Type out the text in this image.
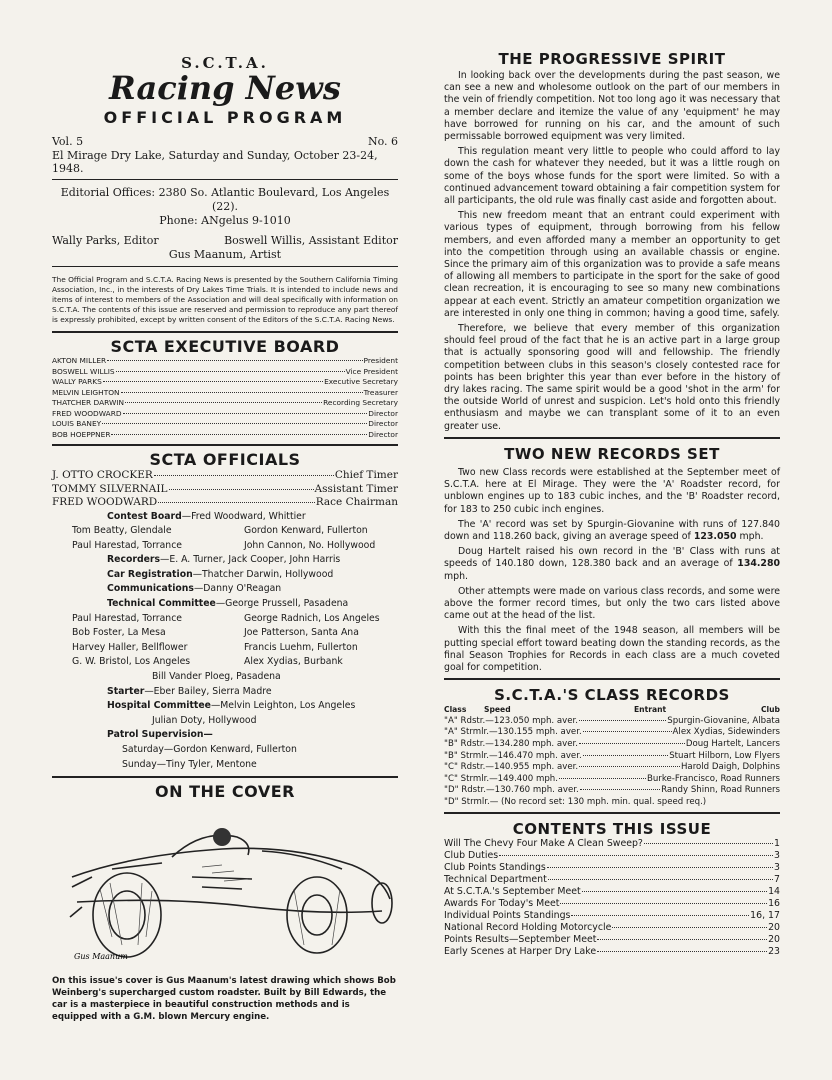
S.C.T.A.
Racing News
OFFICIAL PROGRAM
Vol. 5	No. 6
El Mirage Dry Lake, Saturday and Sunday, October 23-24, 1948.
Editorial Offices: 2380 So. Atlantic Boulevard, Los Angeles (22).
Phone: ANgelus 9-1010
Wally Parks, Editor	Boswell Willis, Assistant Editor
Gus Maanum, Artist
The Official Program and S.C.T.A. Racing News is presented by the Southern California Timing Association, Inc., in the interests of Dry Lakes Time Trials. It is intended to include news and items of interest to members of the Association and will deal specifically with information on S.C.T.A. The contents of this issue are reserved and permission to reproduce any part thereof is expressly prohibited, except by written consent of the Editors of the S.C.T.A. Racing News.
SCTA EXECUTIVE BOARD
AKTON MILLER	President
BOSWELL WILLIS	Vice President
WALLY PARKS	Executive Secretary
MELVIN LEIGHTON	Treasurer
THATCHER DARWIN	Recording Secretary
FRED WOODWARD	Director
LOUIS BANEY	Director
BOB HOEPPNER	Director
SCTA OFFICIALS
J. OTTO CROCKER	Chief Timer
TOMMY SILVERNAIL	Assistant Timer
FRED WOODWARD	Race Chairman
Contest Board—Fred Woodward, Whittier
Tom Beatty, Glendale	Gordon Kenward, Fullerton
Paul Harestad, Torrance	John Cannon, No. Hollywood
Recorders—E. A. Turner, Jack Cooper, John Harris
Car Registration—Thatcher Darwin, Hollywood
Communications—Danny O'Reagan
Technical Committee—George Prussell, Pasadena
Paul Harestad, Torrance	George Radnich, Los Angeles
Bob Foster, La Mesa	Joe Patterson, Santa Ana
Harvey Haller, Bellflower	Francis Luehm, Fullerton
G. W. Bristol, Los Angeles	Alex Xydias, Burbank
Bill Vander Ploeg, Pasadena
Starter—Eber Bailey, Sierra Madre
Hospital Committee—Melvin Leighton, Los Angeles
Julian Doty, Hollywood
Patrol Supervision—
Saturday—Gordon Kenward, Fullerton
Sunday—Tiny Tyler, Mentone
ON THE COVER
Gus Maanum
On this issue's cover is Gus Maanum's latest drawing which shows Bob Weinberg's supercharged custom roadster. Built by Bill Edwards, the car is a masterpiece in beautiful construction methods and is equipped with a G.M. blown Mercury engine.
THE PROGRESSIVE SPIRIT

In looking back over the developments during the past season, we can see a new and wholesome outlook on the part of our members in the vein of friendly competition. Not too long ago it was necessary that a member declare and itemize the value of any 'equipment' he may have borrowed for running on his car, and the amount of such permissable borrowed equipment was very limited.

This regulation meant very little to people who could afford to lay down the cash for whatever they needed, but it was a little rough on some of the boys whose funds for the sport were limited. So with a continued advancement toward obtaining a fair competition system for all participants, the old rule was finally cast aside and forgotten about.

This new freedom meant that an entrant could experiment with various types of equipment, through borrowing from his fellow members, and even afforded many a member an opportunity to get into the competition through using an available chassis or engine. Since the primary aim of this organization was to provide a safe means of allowing all members to participate in the sport for the sake of good clean recreation, it is encouraging to see so many new combinations appear at each event. Strictly an amateur competition organization we are interested in only one thing in common; having a good time, safely.

Therefore, we believe that every member of this organization should feel proud of the fact that he is an active part in a large group that is actually sponsoring good will and fellowship. The friendly competition between clubs in this season's closely contested race for points has been brighter this year than ever before in the history of dry lakes racing. The same spirit would be a good 'shot in the arm' for the outside World of unrest and suspicion. Let's hold onto this friendly enthusiasm and maybe we can transplant some of it to an even greater use.

TWO NEW RECORDS SET

Two new Class records were established at the September meet of S.C.T.A. here at El Mirage. They were the 'A' Roadster record, for unblown engines up to 183 cubic inches, and the 'B' Roadster record, for 183 to 250 cubic inch engines.

The 'A' record was set by Spurgin-Giovanine with runs of 127.840 down and 118.260 back, giving an average speed of 123.050 mph.

Doug Hartelt raised his own record in the 'B' Class with runs at speeds of 140.180 down, 128.380 back and an average of 134.280 mph.

Other attempts were made on various class records, and some were above the former record times, but only the two cars listed above came out at the head of the list.

With this the final meet of the 1948 season, all members will be putting special effort toward beating down the standing records, as the final Season Trophies for Records in each class are a much coveted goal for competition.

S.C.T.A.'S CLASS RECORDS
Class	Speed	Entrant	Club
"A" Rdstr.—123.050 mph. aver.	Spurgin-Giovanine, Albata
"A" Strmlr.—130.155 mph. aver.	Alex Xydias, Sidewinders
"B" Rdstr.—134.280 mph. aver.	Doug Hartelt, Lancers
"B" Strmlr.—146.470 mph. aver.	Stuart Hilborn, Low Flyers
"C" Rdstr.—140.955 mph. aver.	Harold Daigh, Dolphins
"C" Strmlr.—149.400 mph.	Burke-Francisco, Road Runners
"D" Rdstr.—130.760 mph. aver.	Randy Shinn, Road Runners
"D" Strmlr.— (No record set: 130 mph. min. qual. speed req.)
CONTENTS THIS ISSUE
Will The Chevy Four Make A Clean Sweep?	1
Club Duties	3
Club Points Standings	3
Technical Department	7
At S.C.T.A.'s September Meet	14
Awards For Today's Meet	16
Individual Points Standings	16, 17
National Record Holding Motorcycle	20
Points Results—September Meet	20
Early Scenes at Harper Dry Lake	23
